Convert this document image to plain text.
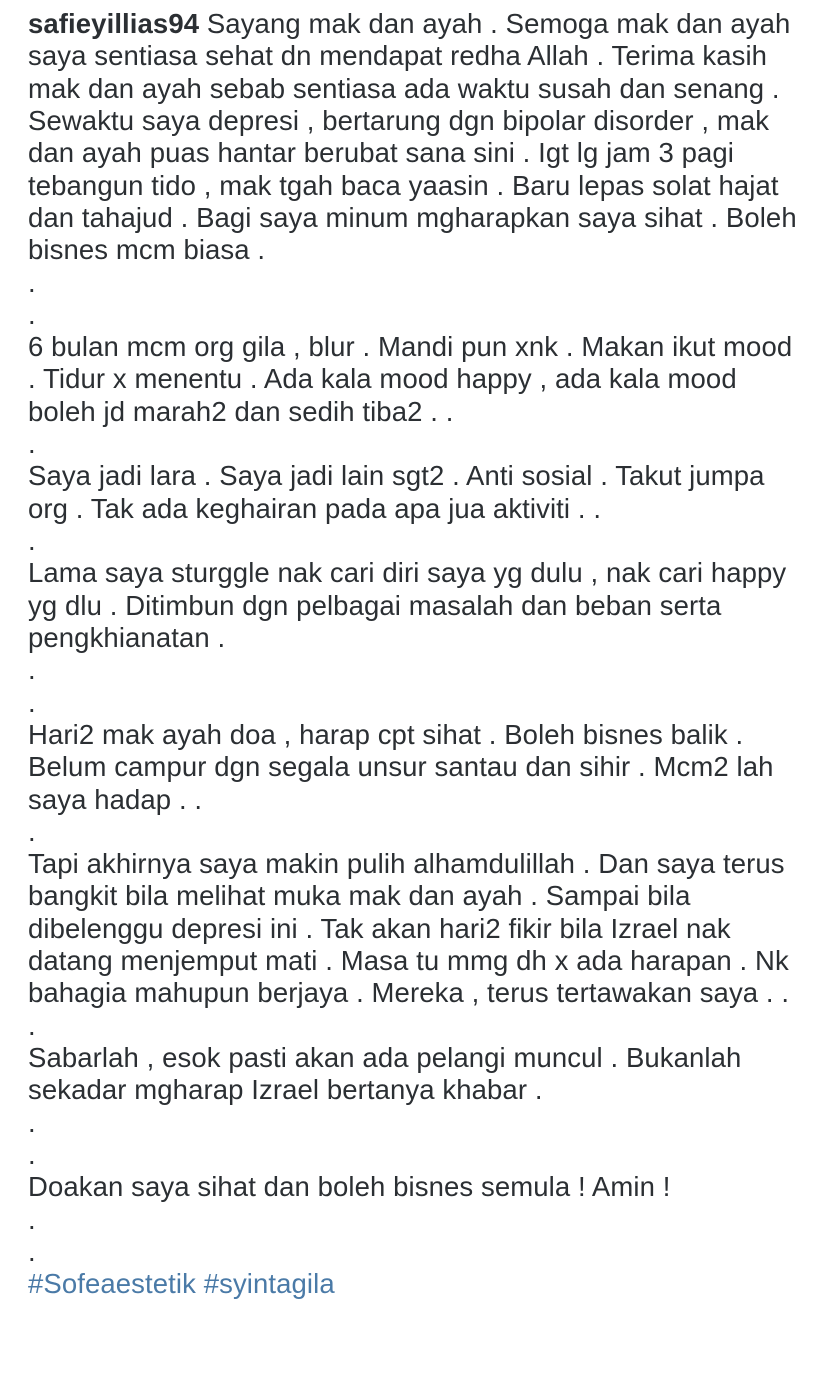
safieyillias94 Sayang mak dan ayah . Semoga mak dan ayah saya sentiasa sehat dn mendapat redha Allah . Terima kasih mak dan ayah sebab sentiasa ada waktu susah dan senang . Sewaktu saya depresi , bertarung dgn bipolar disorder , mak dan ayah puas hantar berubat sana sini . Igt lg jam 3 pagi tebangun tido , mak tgah baca yaasin . Baru lepas solat hajat dan tahajud . Bagi saya minum mgharapkan saya sihat . Boleh bisnes mcm biasa .
.
.
6 bulan mcm org gila , blur . Mandi pun xnk . Makan ikut mood . Tidur x menentu . Ada kala mood happy , ada kala mood boleh jd marah2 dan sedih tiba2 . .
.
Saya jadi lara . Saya jadi lain sgt2 . Anti sosial . Takut jumpa org . Tak ada keghairan pada apa jua aktiviti . .
.
Lama saya sturggle nak cari diri saya yg dulu , nak cari happy yg dlu . Ditimbun dgn pelbagai masalah dan beban serta pengkhianatan .
.
.
Hari2 mak ayah doa , harap cpt sihat . Boleh bisnes balik . Belum campur dgn segala unsur santau dan sihir . Mcm2 lah saya hadap . .
.
Tapi akhirnya saya makin pulih alhamdulillah . Dan saya terus bangkit bila melihat muka mak dan ayah . Sampai bila dibelenggu depresi ini . Tak akan hari2 fikir bila Izrael nak datang menjemput mati . Masa tu mmg dh x ada harapan . Nk bahagia mahupun berjaya . Mereka , terus tertawakan saya . .
.
Sabarlah , esok pasti akan ada pelangi muncul . Bukanlah sekadar mgharap Izrael bertanya khabar .
.
.
Doakan saya sihat dan boleh bisnes semula ! Amin !
.
.
#Sofeaestetik #syintagila
